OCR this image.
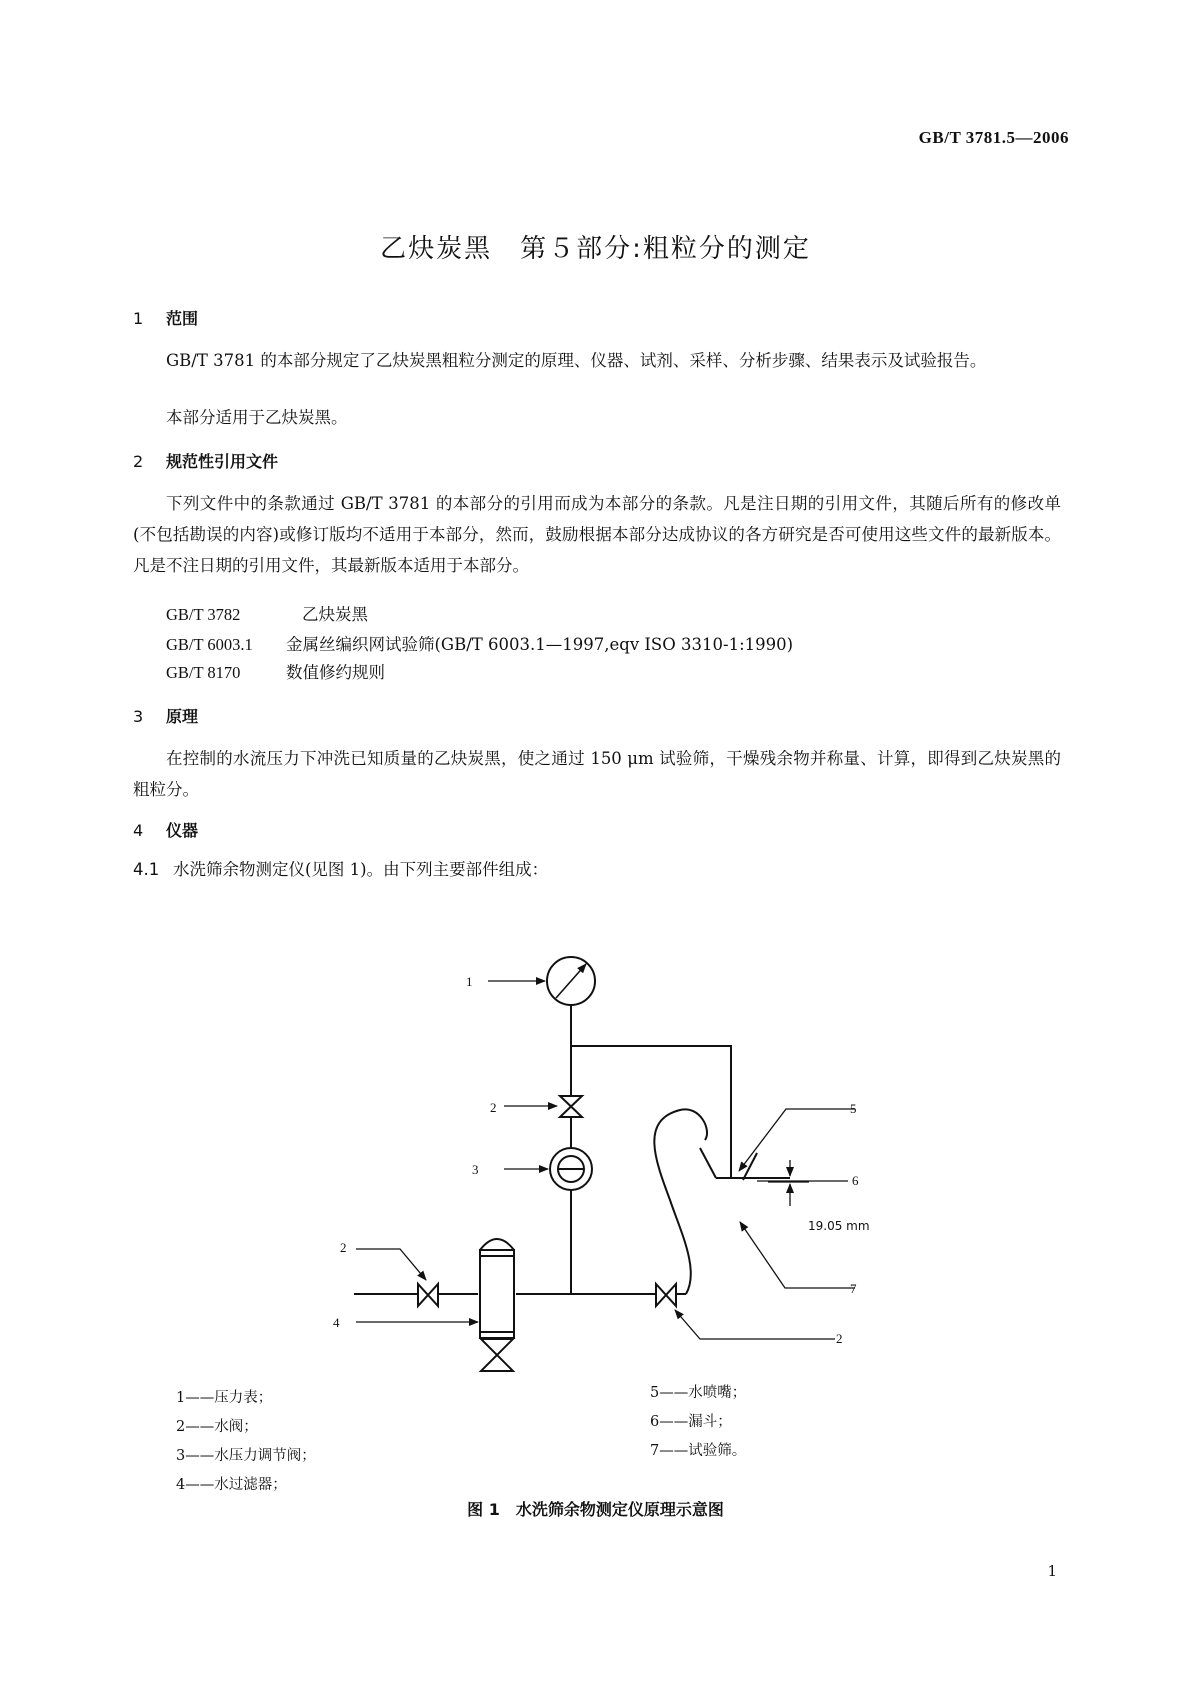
GB/T 3781.5—2006
乙炔炭黑　第５部分:粗粒分的测定
1 范围
GB/T 3781 的本部分规定了乙炔炭黑粗粒分测定的原理、仪器、试剂、采样、分析步骤、结果表示及试验报告。
本部分适用于乙炔炭黑。
2 规范性引用文件
下列文件中的条款通过 GB/T 3781 的本部分的引用而成为本部分的条款。凡是注日期的引用文件，其随后所有的修改单(不包括勘误的内容)或修订版均不适用于本部分，然而，鼓励根据本部分达成协议的各方研究是否可使用这些文件的最新版本。凡是不注日期的引用文件，其最新版本适用于本部分。
GB/T 3782	乙炔炭黑
GB/T 6003.1 金属丝编织网试验筛(GB/T 6003.1—1997,eqv ISO 3310-1:1990)
GB/T 8170	数值修约规则
3 原理
在控制的水流压力下冲洗已知质量的乙炔炭黑，使之通过 150 μm 试验筛，干燥残余物并称量、计算，即得到乙炔炭黑的粗粒分。
4 仪器
4.1 水洗筛余物测定仪(见图 1)。由下列主要部件组成：
1
2
3
2
4
5
6
7
2
19.05 mm
1——压力表；
2——水阀；
3——水压力调节阀；
4——水过滤器；
5——水喷嘴；
6——漏斗；
7——试验筛。
图 1　水洗筛余物测定仪原理示意图
1
